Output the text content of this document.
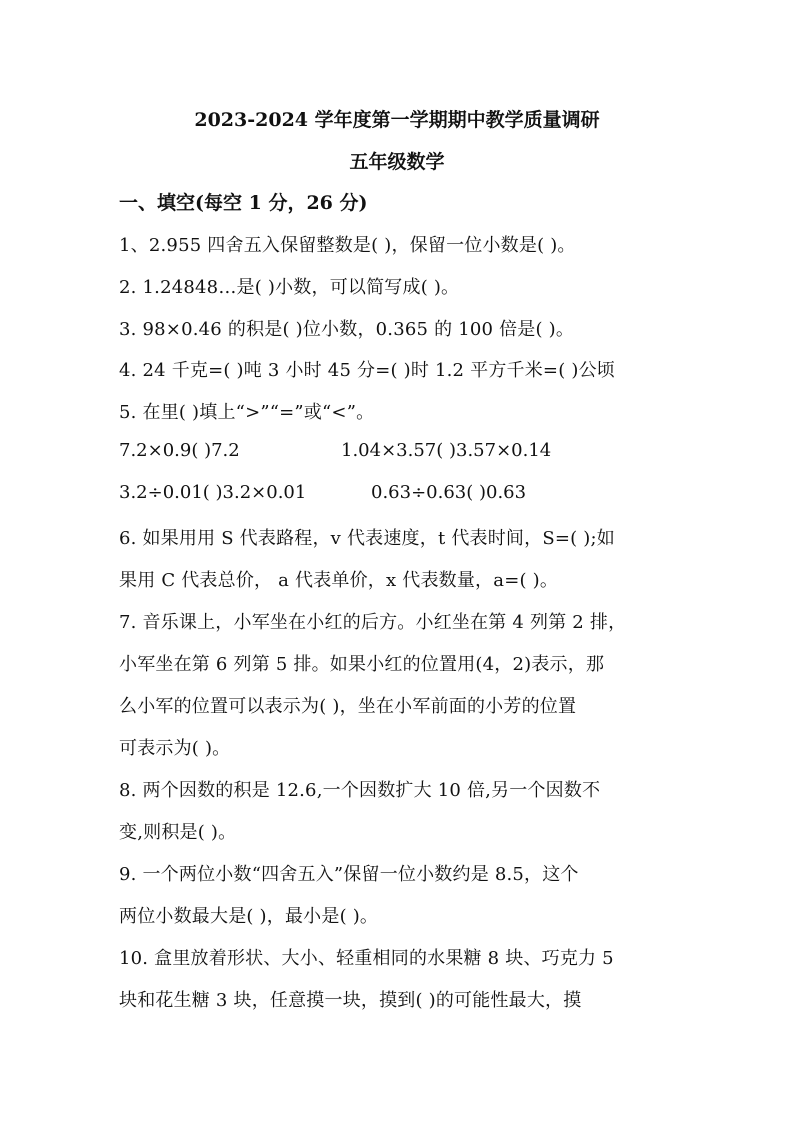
2023-2024 学年度第一学期期中教学质量调研
五年级数学
一、填空(每空 1 分，26 分)
1、2.955 四舍五入保留整数是( )，保留一位小数是( )。
2. 1.24848…是( )小数，可以简写成( )。
3. 98×0.46 的积是( )位小数，0.365 的 100 倍是( )。
4. 24 千克=( )吨 3 小时 45 分=( )时 1.2 平方千米=( )公顷
5. 在里( )填上“>”“=”或“<”。
7.2×0.9( )7.2	1.04×3.57( )3.57×0.14
3.2÷0.01( )3.2×0.01	0.63÷0.63( )0.63
6. 如果用用 S 代表路程，v 代表速度，t 代表时间，S=( );如
果用 C 代表总价， a 代表单价，x 代表数量，a=( )。
7. 音乐课上，小军坐在小红的后方。小红坐在第 4 列第 2 排，
小军坐在第 6 列第 5 排。如果小红的位置用(4，2)表示，那
么小军的位置可以表示为( )，坐在小军前面的小芳的位置
可表示为( )。
8. 两个因数的积是 12.6,一个因数扩大 10 倍,另一个因数不
变,则积是( )。
9. 一个两位小数“四舍五入”保留一位小数约是 8.5，这个
两位小数最大是( )，最小是( )。
10. 盒里放着形状、大小、轻重相同的水果糖 8 块、巧克力 5
块和花生糖 3 块，任意摸一块，摸到( )的可能性最大，摸
